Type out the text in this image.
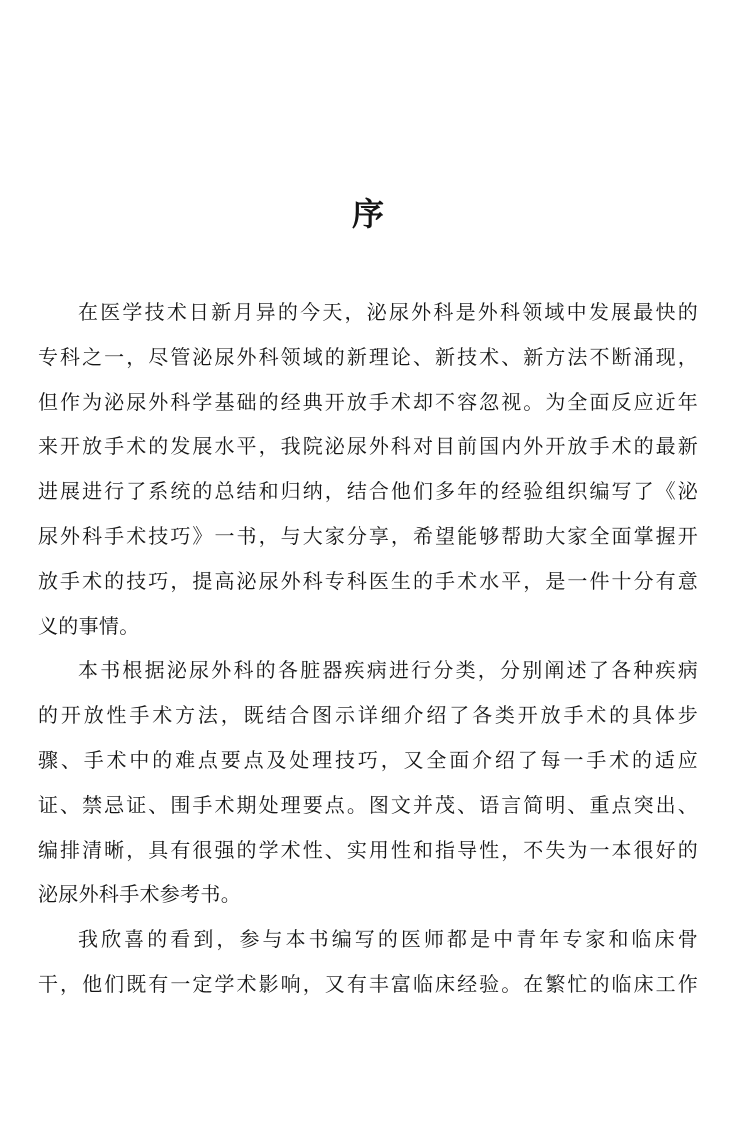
序
在医学技术日新月异的今天，泌尿外科是外科领域中发展最快的
专科之一，尽管泌尿外科领域的新理论、新技术、新方法不断涌现，
但作为泌尿外科学基础的经典开放手术却不容忽视。为全面反应近年
来开放手术的发展水平，我院泌尿外科对目前国内外开放手术的最新
进展进行了系统的总结和归纳，结合他们多年的经验组织编写了《泌
尿外科手术技巧》一书，与大家分享，希望能够帮助大家全面掌握开
放手术的技巧，提高泌尿外科专科医生的手术水平，是一件十分有意
义的事情。
本书根据泌尿外科的各脏器疾病进行分类，分别阐述了各种疾病
的开放性手术方法，既结合图示详细介绍了各类开放手术的具体步
骤、手术中的难点要点及处理技巧，又全面介绍了每一手术的适应
证、禁忌证、围手术期处理要点。图文并茂、语言简明、重点突出、
编排清晰，具有很强的学术性、实用性和指导性，不失为一本很好的
泌尿外科手术参考书。
我欣喜的看到，参与本书编写的医师都是中青年专家和临床骨
干，他们既有一定学术影响，又有丰富临床经验。在繁忙的临床工作
